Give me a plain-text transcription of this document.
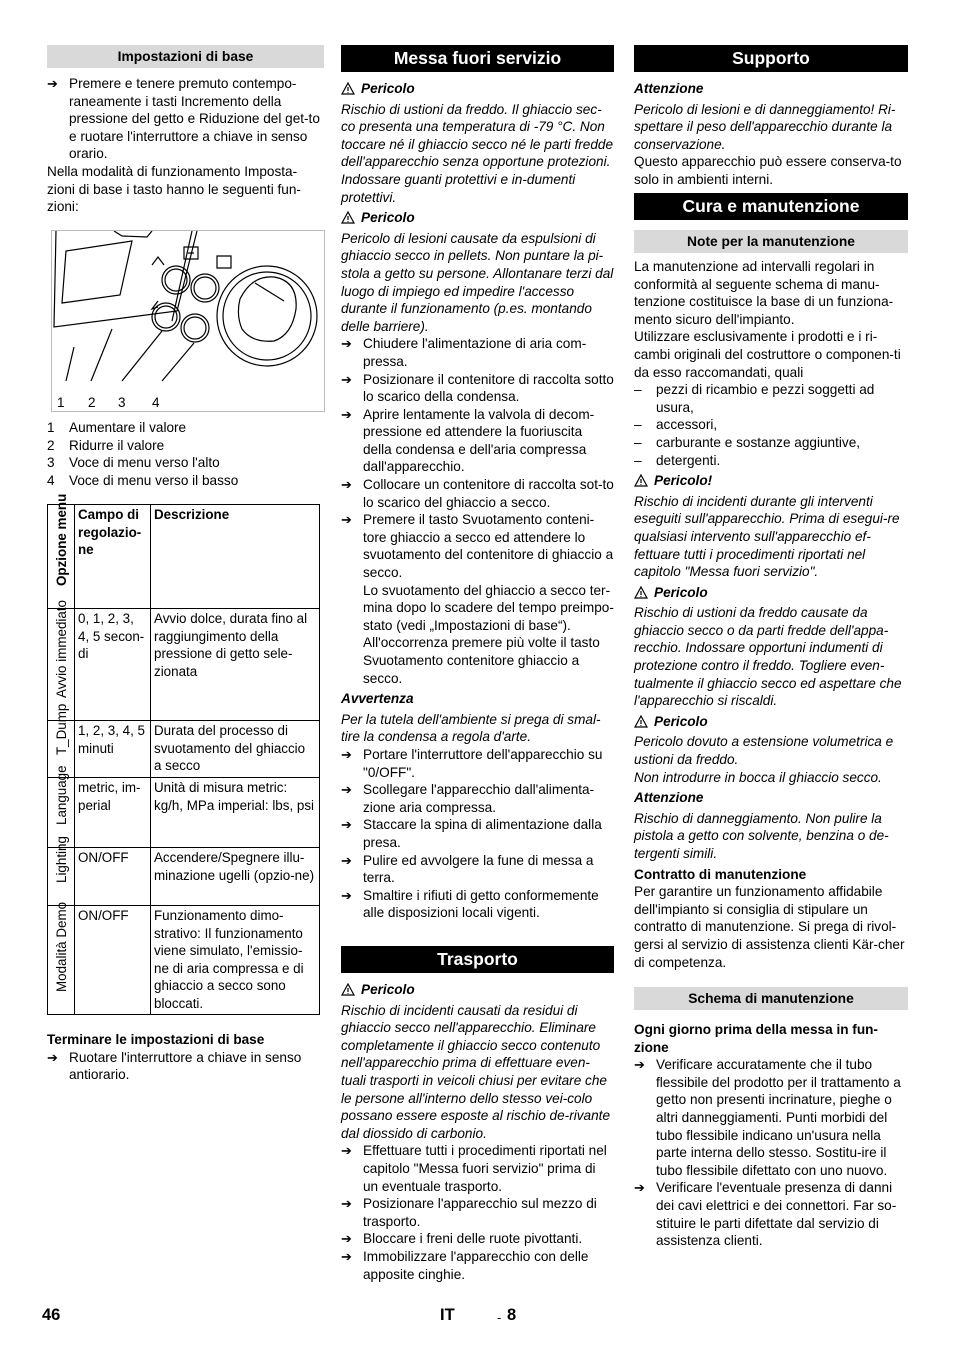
Impostazioni di base
➔ Premere e tenere premuto contempo-raneamente i tasti Incremento della pressione del getto e Riduzione del get-to e ruotare l'interruttore a chiave in senso orario.
Nella modalità di funzionamento Imposta-zioni di base i tasto hanno le seguenti fun-zioni:
1 2 3 4
1 Aumentare il valore
2 Ridurre il valore
3 Voce di menu verso l'alto
4 Voce di menu verso il basso
Opzione menu	Campo di regolazio-ne	Descrizione

Avvio immediato	0, 1, 2, 3, 4, 5 secon-di	Avvio dolce, durata fino al raggiungimento della pressione di getto sele-zionata

T_Dump	1, 2, 3, 4, 5 minuti	Durata del processo di svuotamento del ghiaccio a secco

Language	metric, im-perial	Unità di misura metric: kg/h, MPa imperial: lbs, psi

Lighting	ON/OFF	Accendere/Spegnere illu-minazione ugelli (opzio-ne)

Modalità Demo	ON/OFF	Funzionamento dimo-strativo: Il funzionamento viene simulato, l'emissio-ne di aria compressa e di ghiaccio a secco sono bloccati.
Terminare le impostazioni di base
➔ Ruotare l'interruttore a chiave in senso antiorario.
Messa fuori servizio
Pericolo
Rischio di ustioni da freddo. Il ghiaccio sec-co presenta una temperatura di -79 °C. Non toccare né il ghiaccio secco né le parti fredde dell'apparecchio senza opportune protezioni. Indossare guanti protettivi e in-dumenti protettivi.
Pericolo
Pericolo di lesioni causate da espulsioni di ghiaccio secco in pellets. Non puntare la pi-stola a getto su persone. Allontanare terzi dal luogo di impiego ed impedire l'accesso durante il funzionamento (p.es. montando delle barriere).
➔ Chiudere l'alimentazione di aria com-pressa.
➔ Posizionare il contenitore di raccolta sotto lo scarico della condensa.
➔ Aprire lentamente la valvola di decom-pressione ed attendere la fuoriuscita della condensa e dell'aria compressa dall'apparecchio.
➔ Collocare un contenitore di raccolta sot-to lo scarico del ghiaccio a secco.
➔ Premere il tasto Svuotamento conteni-tore ghiaccio a secco ed attendere lo svuotamento del contenitore di ghiaccio a secco.
Lo svuotamento del ghiaccio a secco ter-mina dopo lo scadere del tempo preimpo-stato (vedi „Impostazioni di base“).
All'occorrenza premere più volte il tasto Svuotamento contenitore ghiaccio a secco.
Avvertenza
Per la tutela dell'ambiente si prega di smal-tire la condensa a regola d'arte.
➔ Portare l'interruttore dell'apparecchio su "0/OFF".
➔ Scollegare l'apparecchio dall'alimenta-zione aria compressa.
➔ Staccare la spina di alimentazione dalla presa.
➔ Pulire ed avvolgere la fune di messa a terra.
➔ Smaltire i rifiuti di getto conformemente alle disposizioni locali vigenti.
Trasporto
Pericolo
Rischio di incidenti causati da residui di ghiaccio secco nell'apparecchio. Eliminare completamente il ghiaccio secco contenuto nell'apparecchio prima di effettuare even-tuali trasporti in veicoli chiusi per evitare che le persone all'interno dello stesso vei-colo possano essere esposte al rischio de-rivante dal diossido di carbonio.
➔ Effettuare tutti i procedimenti riportati nel capitolo "Messa fuori servizio" prima di un eventuale trasporto.
➔ Posizionare l'apparecchio sul mezzo di trasporto.
➔ Bloccare i freni delle ruote pivottanti.
➔ Immobilizzare l'apparecchio con delle apposite cinghie.
Supporto
Attenzione
Pericolo di lesioni e di danneggiamento! Ri-spettare il peso dell'apparecchio durante la conservazione.
Questo apparecchio può essere conserva-to solo in ambienti interni.
Cura e manutenzione
Note per la manutenzione
La manutenzione ad intervalli regolari in conformità al seguente schema di manu-tenzione costituisce la base di un funziona-mento sicuro dell'impianto.
Utilizzare esclusivamente i prodotti e i ri-cambi originali del costruttore o componen-ti da esso raccomandati, quali
– pezzi di ricambio e pezzi soggetti ad usura,
– accessori,
– carburante e sostanze aggiuntive,
– detergenti.
Pericolo!
Rischio di incidenti durante gli interventi eseguiti sull'apparecchio. Prima di esegui-re qualsiasi intervento sull'apparecchio ef-fettuare tutti i procedimenti riportati nel capitolo "Messa fuori servizio".
Pericolo
Rischio di ustioni da freddo causate da ghiaccio secco o da parti fredde dell'appa-recchio. Indossare opportuni indumenti di protezione contro il freddo. Togliere even-tualmente il ghiaccio secco ed aspettare che l'apparecchio si riscaldi.
Pericolo
Pericolo dovuto a estensione volumetrica e ustioni da freddo.
Non introdurre in bocca il ghiaccio secco.
Attenzione
Rischio di danneggiamento. Non pulire la pistola a getto con solvente, benzina o de-tergenti simili.
Contratto di manutenzione
Per garantire un funzionamento affidabile dell'impianto si consiglia di stipulare un contratto di manutenzione. Si prega di rivol-gersi al servizio di assistenza clienti Kär-cher di competenza.
Schema di manutenzione
Ogni giorno prima della messa in fun-zione
➔ Verificare accuratamente che il tubo flessibile del prodotto per il trattamento a getto non presenti incrinature, pieghe o altri danneggiamenti. Punti morbidi del tubo flessibile indicano un'usura nella parte interna dello stesso. Sostitu-ire il tubo flessibile difettato con uno nuovo.
➔ Verificare l'eventuale presenza di danni dei cavi elettrici e dei connettori. Far so-stituire le parti difettate dal servizio di assistenza clienti.
46	IT	- 8
